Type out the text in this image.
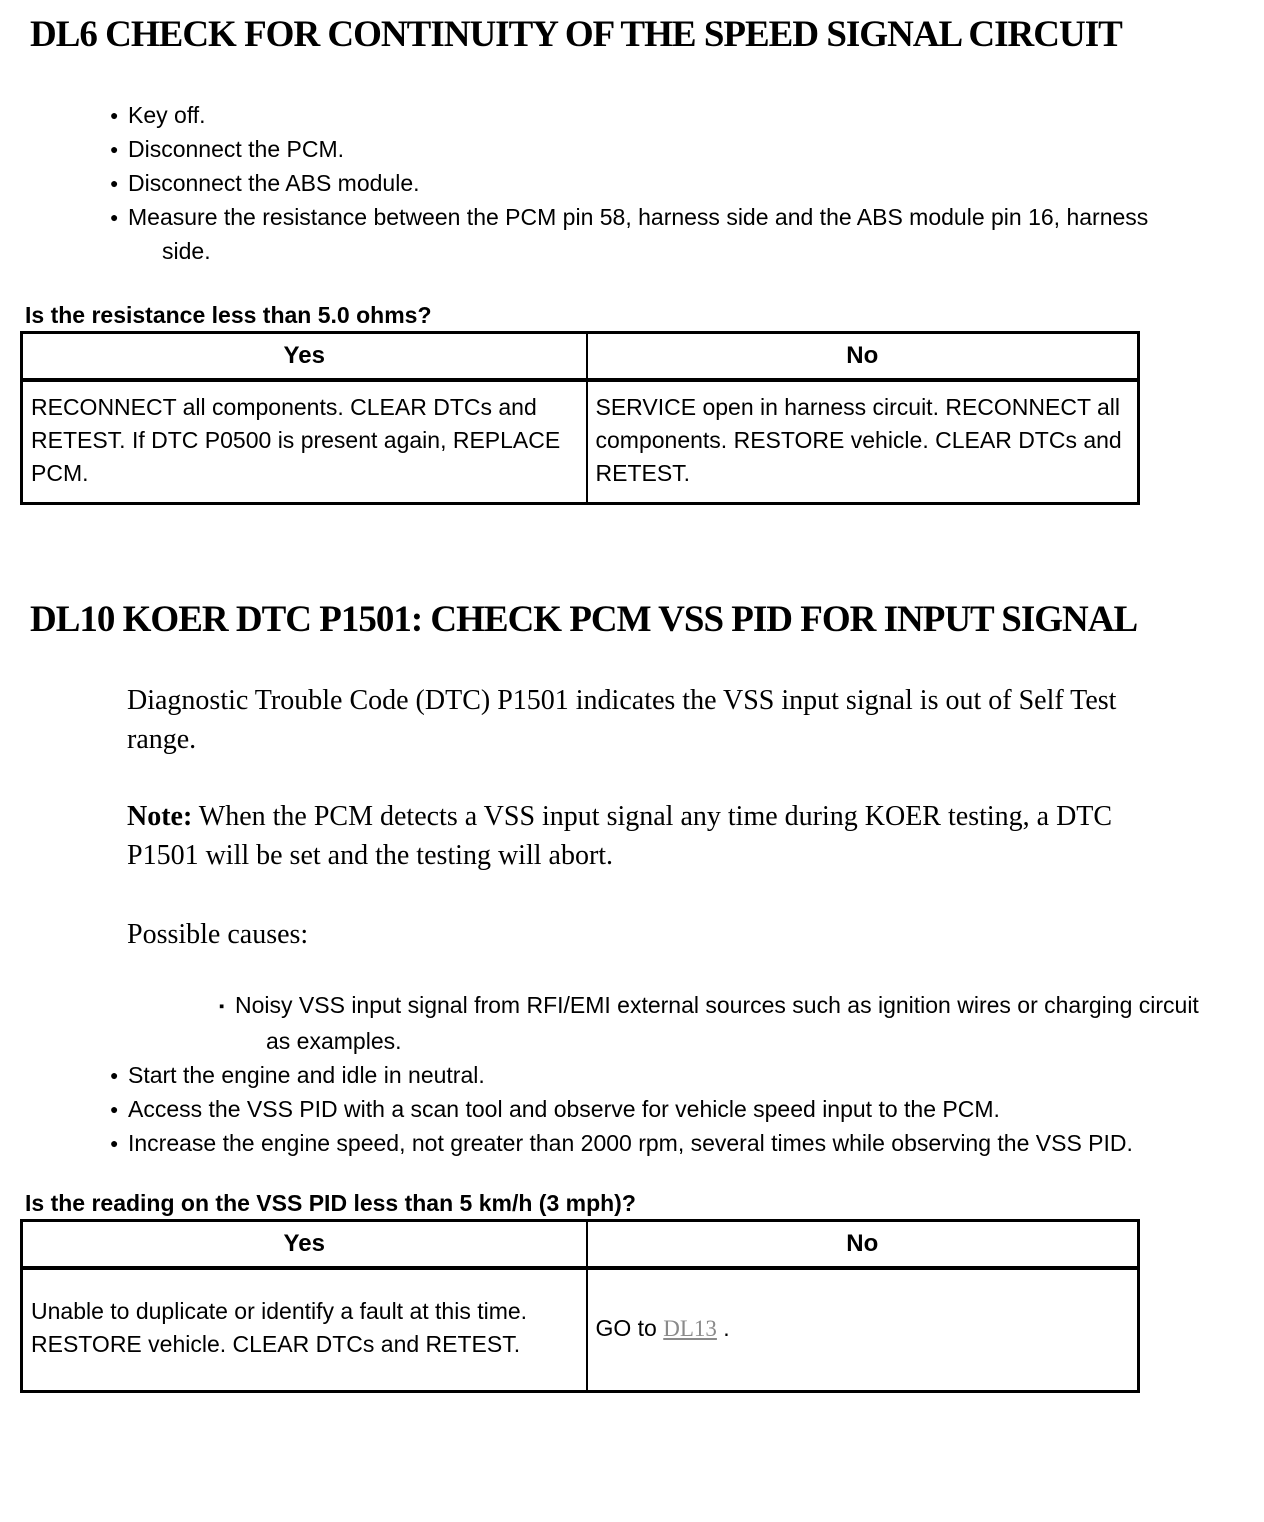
DL6 CHECK FOR CONTINUITY OF THE SPEED SIGNAL CIRCUIT
● Key off.
● Disconnect the PCM.
● Disconnect the ABS module.
● Measure the resistance between the PCM pin 58, harness side and the ABS module pin 16, harness side.

Is the resistance less than 5.0 ohms?

Yes	No
RECONNECT all components. CLEAR DTCs and RETEST. If DTC P0500 is present again, REPLACE PCM.	SERVICE open in harness circuit. RECONNECT all components. RESTORE vehicle. CLEAR DTCs and RETEST.
DL10 KOER DTC P1501: CHECK PCM VSS PID FOR INPUT SIGNAL

Diagnostic Trouble Code (DTC) P1501 indicates the VSS input signal is out of Self Test range.

Note: When the PCM detects a VSS input signal any time during KOER testing, a DTC P1501 will be set and the testing will abort.

Possible causes:

▪ Noisy VSS input signal from RFI/EMI external sources such as ignition wires or charging circuit as examples.
● Start the engine and idle in neutral.
● Access the VSS PID with a scan tool and observe for vehicle speed input to the PCM.
● Increase the engine speed, not greater than 2000 rpm, several times while observing the VSS PID.

Is the reading on the VSS PID less than 5 km/h (3 mph)?

Yes	No
Unable to duplicate or identify a fault at this time. RESTORE vehicle. CLEAR DTCs and RETEST.	GO to DL13 .
